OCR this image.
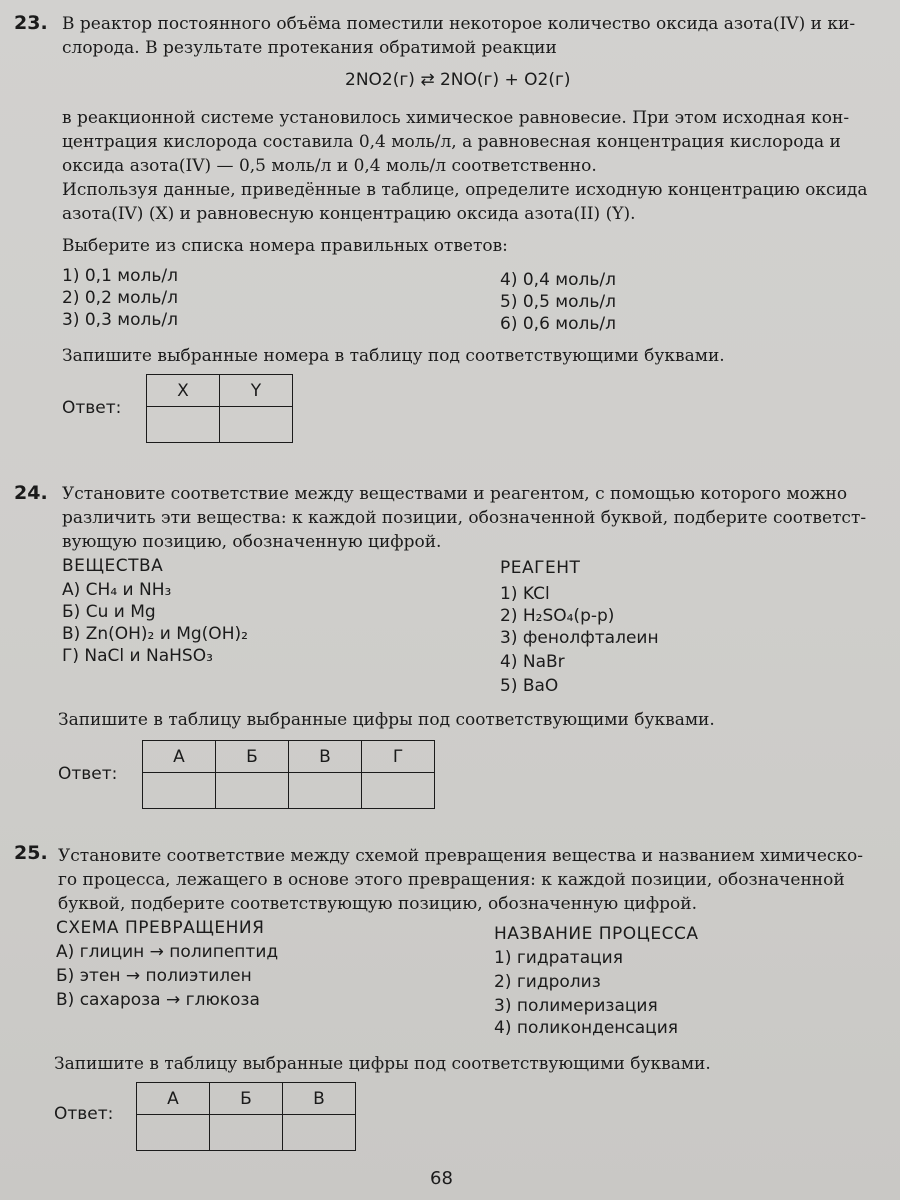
23. В реактор постоянного объёма поместили некоторое количество оксида азота(IV) и ки-
слорода. В результате протекания обратимой реакции
2NO2(г) ⇄ 2NO(г) + O2(г)
в реакционной системе установилось химическое равновесие. При этом исходная кон-
центрация кислорода составила 0,4 моль/л, а равновесная концентрация кислорода и
оксида азота(IV) — 0,5 моль/л и 0,4 моль/л соответственно.
Используя данные, приведённые в таблице, определите исходную концентрацию оксида
азота(IV) (X) и равновесную концентрацию оксида азота(II) (Y).
Выберите из списка номера правильных ответов:
1) 0,1 моль/л
2) 0,2 моль/л
3) 0,3 моль/л
4) 0,4 моль/л
5) 0,5 моль/л
6) 0,6 моль/л
Запишите выбранные номера в таблицу под соответствующими буквами.
Ответ:
X	Y

24. Установите соответствие между веществами и реагентом, с помощью которого можно
различить эти вещества: к каждой позиции, обозначенной буквой, подберите соответст-
вующую позицию, обозначенную цифрой.
ВЕЩЕСТВА
А) CH₄ и NH₃
Б) Cu и Mg
В) Zn(OH)₂ и Mg(OH)₂
Г) NaCl и NaHSO₃
РЕАГЕНТ
1) KCl
2) H₂SO₄(р-р)
3) фенолфталеин
4) NaBr
5) BaO
Запишите в таблицу выбранные цифры под соответствующими буквами.
Ответ:
А	Б	В	Г

25. Установите соответствие между схемой превращения вещества и названием химическо-
го процесса, лежащего в основе этого превращения: к каждой позиции, обозначенной
буквой, подберите соответствующую позицию, обозначенную цифрой.
СХЕМА ПРЕВРАЩЕНИЯ
А) глицин → полипептид
Б) этен → полиэтилен
В) сахароза → глюкоза
НАЗВАНИЕ ПРОЦЕССА
1) гидратация
2) гидролиз
3) полимеризация
4) поликонденсация
Запишите в таблицу выбранные цифры под соответствующими буквами.
Ответ:
А	Б	В

68
